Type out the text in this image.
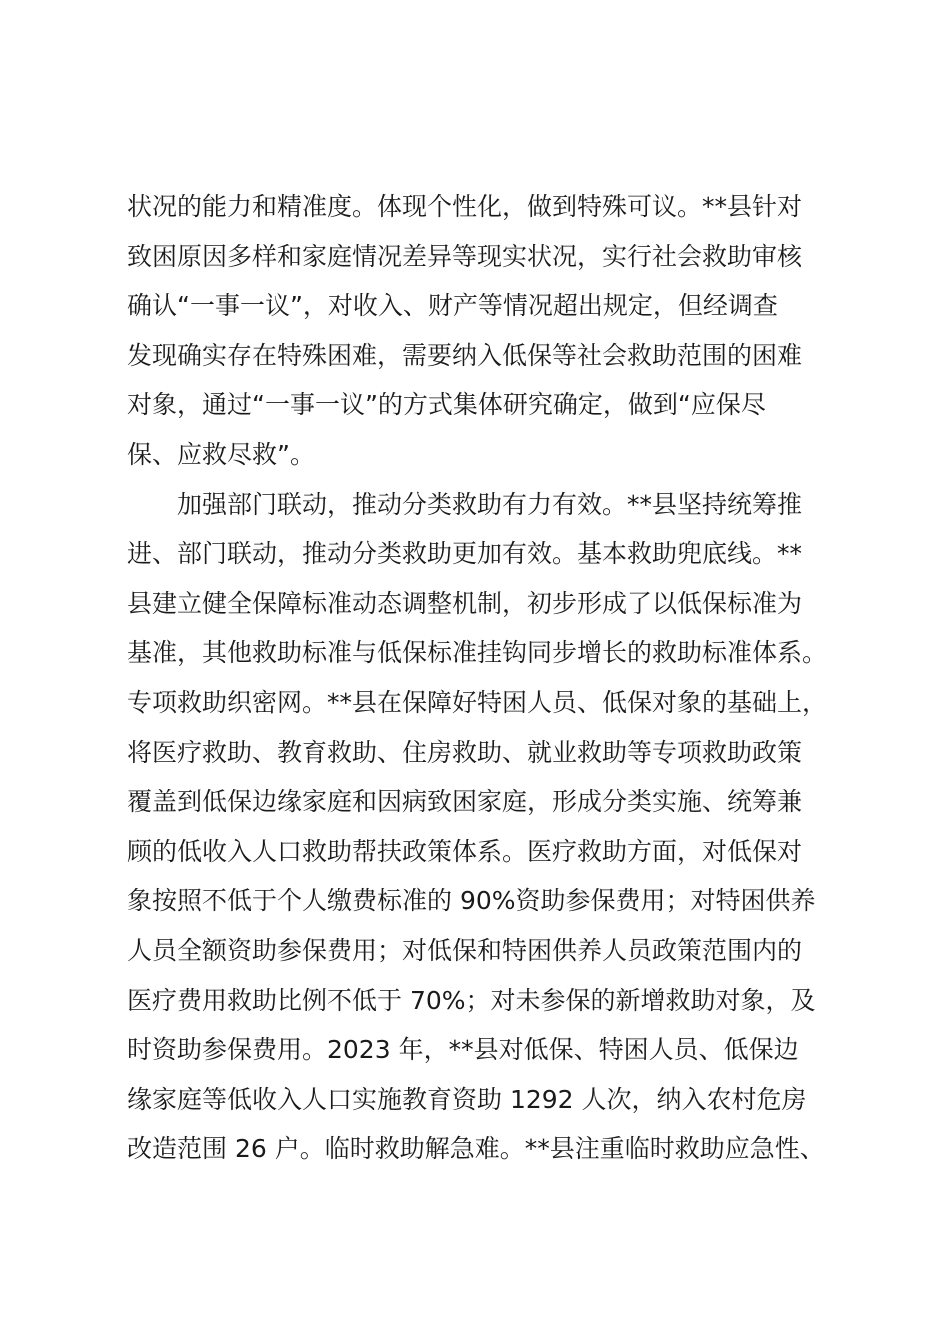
状况的能力和精准度。体现个性化，做到特殊可议。**县针对
致困原因多样和家庭情况差异等现实状况，实行社会救助审核
确认“一事一议”，对收入、财产等情况超出规定，但经调查
发现确实存在特殊困难，需要纳入低保等社会救助范围的困难
对象，通过“一事一议”的方式集体研究确定，做到“应保尽
保、应救尽救”。
加强部门联动，推动分类救助有力有效。**县坚持统筹推
进、部门联动，推动分类救助更加有效。基本救助兜底线。**
县建立健全保障标准动态调整机制，初步形成了以低保标准为
基准，其他救助标准与低保标准挂钩同步增长的救助标准体系。
专项救助织密网。**县在保障好特困人员、低保对象的基础上，
将医疗救助、教育救助、住房救助、就业救助等专项救助政策
覆盖到低保边缘家庭和因病致困家庭，形成分类实施、统筹兼
顾的低收入人口救助帮扶政策体系。医疗救助方面，对低保对
象按照不低于个人缴费标准的 90%资助参保费用；对特困供养
人员全额资助参保费用；对低保和特困供养人员政策范围内的
医疗费用救助比例不低于 70%；对未参保的新增救助对象，及
时资助参保费用。2023 年，**县对低保、特困人员、低保边
缘家庭等低收入人口实施教育资助 1292 人次，纳入农村危房
改造范围 26 户。临时救助解急难。**县注重临时救助应急性、
